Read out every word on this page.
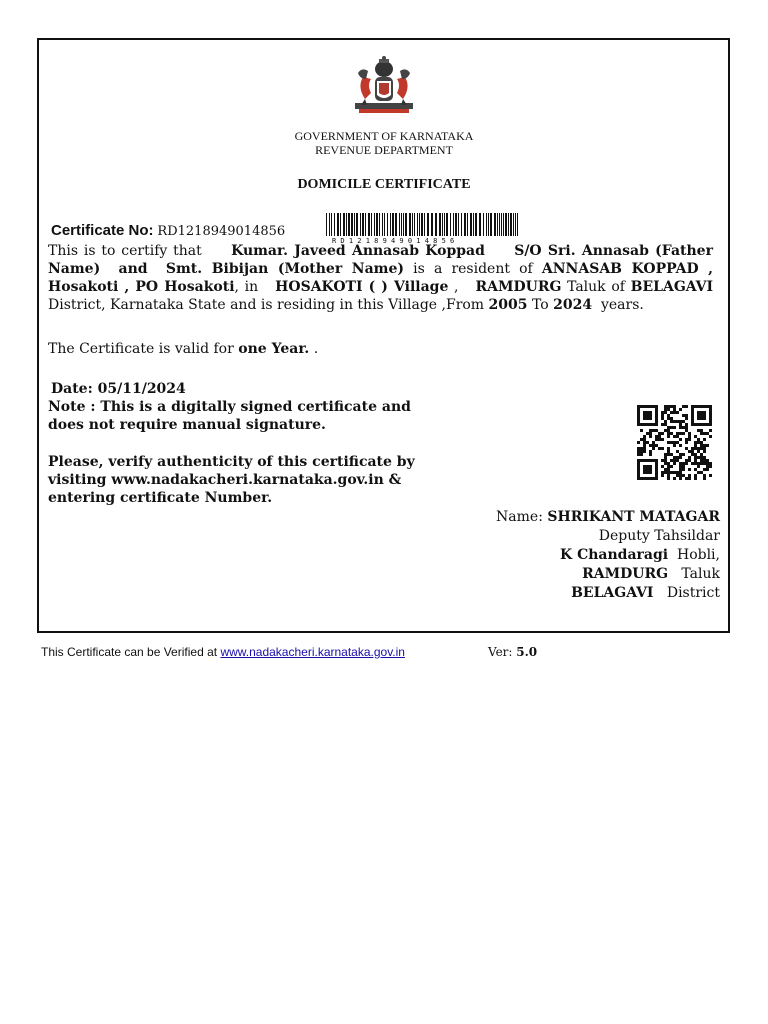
GOVERNMENT OF KARNATAKA
REVENUE DEPARTMENT
DOMICILE CERTIFICATE
Certificate No: RD1218949014856
R D 1 2 1 8 9 4 9 0 1 4 8 5 6
This is to certify that Kumar. Javeed Annasab Koppad S/O Sri. Annasab (Father Name) and Smt. Bibijan (Mother Name) is a resident of ANNASAB KOPPAD , Hosakoti , PO Hosakoti, in HOSAKOTI ( ) Village ,   RAMDURG Taluk of BELAGAVI District, Karnataka State and is residing in this Village ,From 2005 To 2024 years.
The Certificate is valid for one Year. .
Date: 05/11/2024
Note : This is a digitally signed certificate and does not require manual signature.
Please, verify authenticity of this certificate by visiting www.nadakacheri.karnataka.gov.in & entering certificate Number.
Name: SHRIKANT MATAGAR
Deputy Tahsildar
K Chandaragi Hobli,
RAMDURG Taluk
BELAGAVI District
This Certificate can be Verified at www.nadakacheri.karnataka.gov.in	Ver: 5.0
